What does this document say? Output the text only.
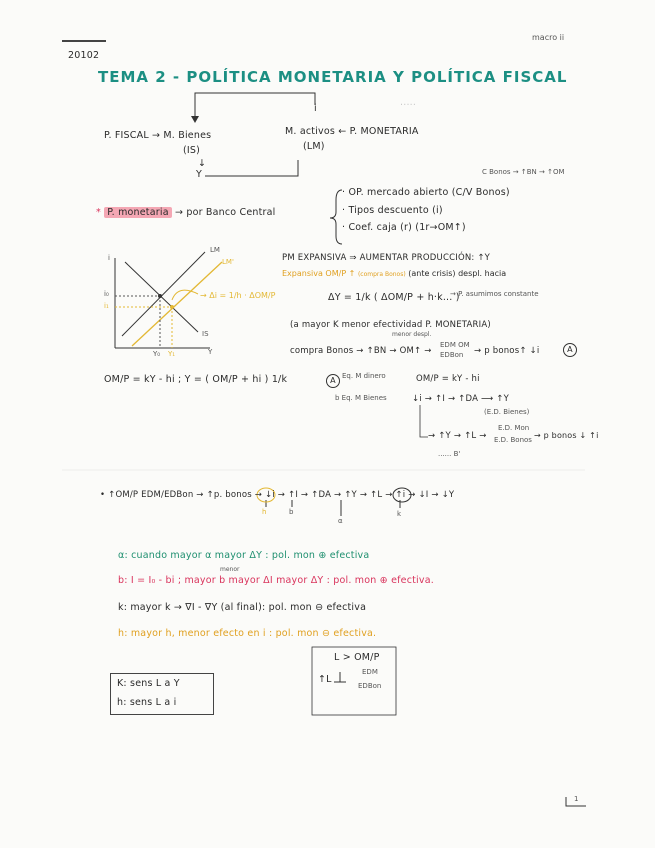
·····
20102
macro ii
TEMA 2 - POLÍTICA MONETARIA Y POLÍTICA FISCAL
P. FISCAL → M. Bienes
(IS)
↓
Y
M. activos ← P. MONETARIA
(LM)
i
C Bonos → ↑BN → ↑OM
* P. monetaria → por Banco Central
· OP. mercado abierto (C/V Bonos)
· Tipos descuento (i)
· Coef. caja (r) (1r→OM↑)
LM
LM'
IS
i
Y
i₀
i₁
Y₀ Y₁
→ Δi = 1/h · ΔOM/P
OM/P = kY - hi ; Y = ( OM/P + hi ) 1/k
PM EXPANSIVA ⇒ AUMENTAR PRODUCCIÓN: ↑Y
Expansiva OM/P ↑ (compra Bonos) (ante crisis) despl. hacia
ΔY = 1/k ( ΔOM/P + h·k... )
→ P. asumimos constante
(a mayor K menor efectividad P. MONETARIA)
menor despl.
compra Bonos → ↑BN → OM↑ →
EDM OM
EDBon → p bonos↑ ↓i	A
A Eq. M dinero	OM/P = kY - hi
b Eq. M Bienes	↓i → ↑I → ↑DA ⟶ ↑Y
(E.D. Bienes)
→ ↑Y → ↑L →
E.D. Mon
E.D. Bonos → p bonos ↓ ↑i
...... B'
• ↑OM/P EDM/EDBon → ↑p. bonos → ↓i → ↑I → ↑DA → ↑Y → ↑L → ↑i → ↓I → ↓Y
h	b
α
k
α: cuando mayor α mayor ΔY : pol. mon ⊕ efectiva
menor
b: I = I₀ - bi ; mayor b mayor ΔI mayor ΔY : pol. mon ⊕ efectiva.
k: mayor k → ∇I - ∇Y (al final): pol. mon ⊖ efectiva
h: mayor h, menor efecto en i : pol. mon ⊖ efectiva.
K: sens L a Y
h: sens L a i
L > OM/P
↑L
EDM
EDBon
1
